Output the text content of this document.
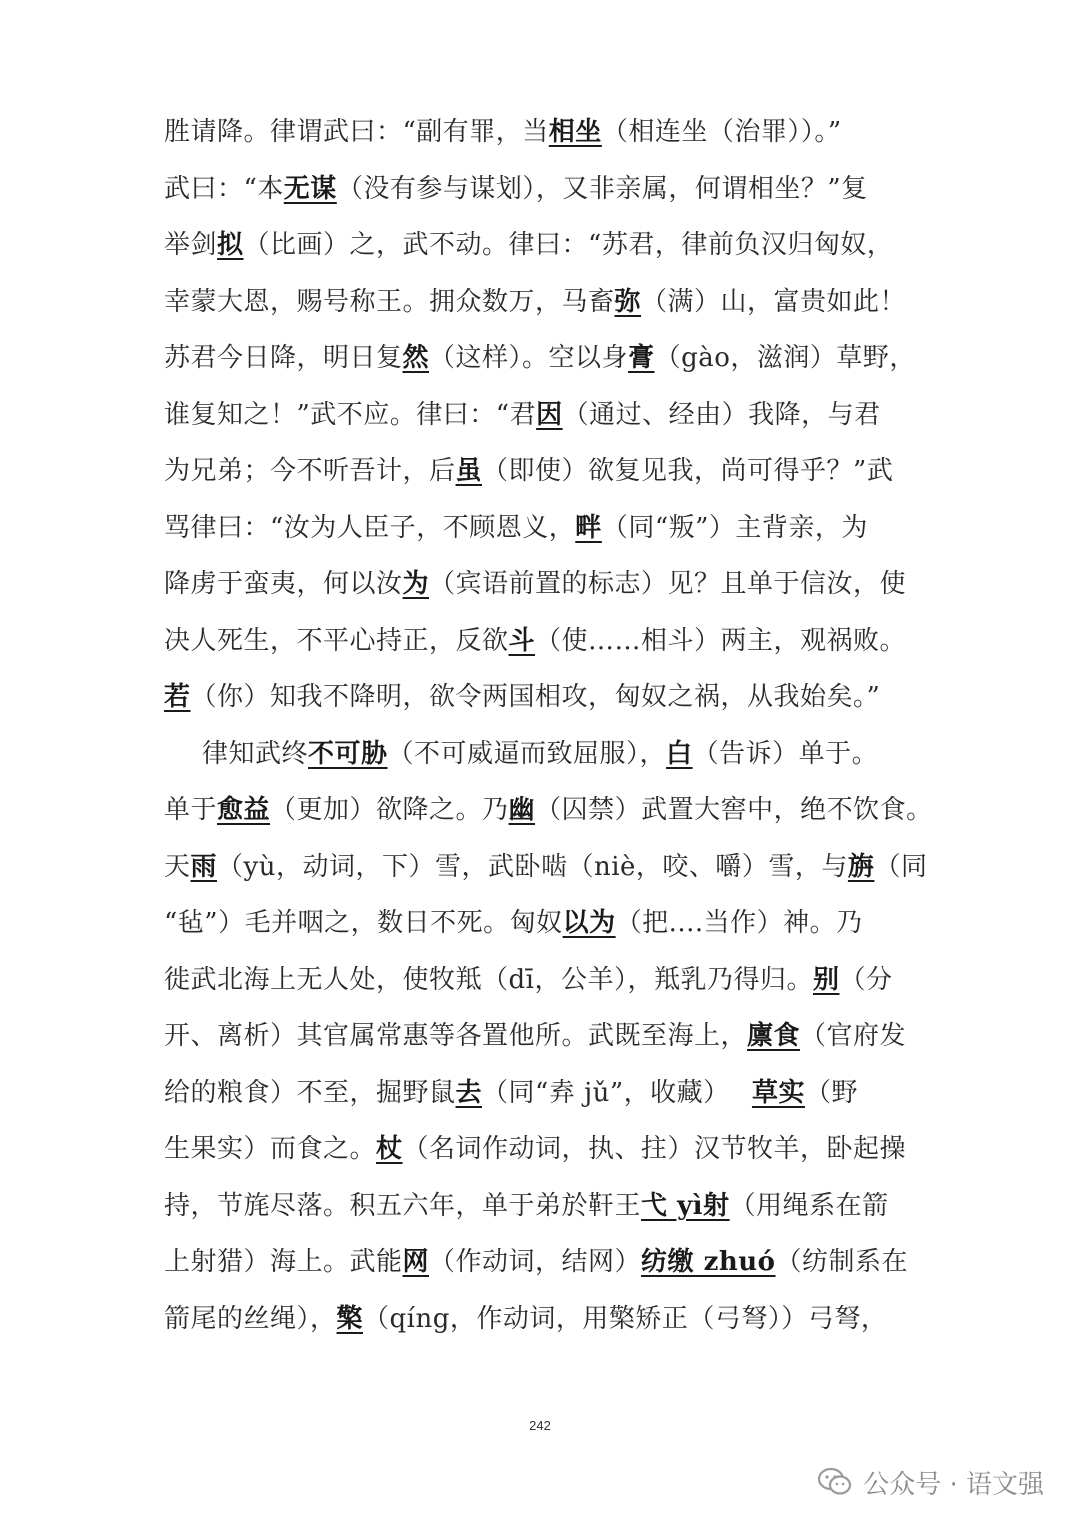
胜请降。律谓武曰：“副有罪，当相坐（相连坐（治罪））。”
武曰：“本无谋（没有参与谋划），又非亲属，何谓相坐？”复
举剑拟（比画）之，武不动。律曰：“苏君，律前负汉归匈奴，
幸蒙大恩，赐号称王。拥众数万，马畜弥（满）山，富贵如此！
苏君今日降，明日复然（这样）。空以身膏（gào，滋润）草野，
谁复知之！”武不应。律曰：“君因（通过、经由）我降，与君
为兄弟；今不听吾计，后虽（即使）欲复见我，尚可得乎？”武
骂律曰：“汝为人臣子，不顾恩义，畔（同“叛”）主背亲，为
降虏于蛮夷，何以汝为（宾语前置的标志）见？且单于信汝，使
决人死生，不平心持正，反欲斗（使……相斗）两主，观祸败。
若（你）知我不降明，欲令两国相攻，匈奴之祸，从我始矣。”
律知武终不可胁（不可威逼而致屈服），白（告诉）单于。
单于愈益（更加）欲降之。乃幽（囚禁）武置大窖中，绝不饮食。
天雨（yù，动词，下）雪，武卧啮（niè，咬、嚼）雪，与旃（同
“毡”）毛并咽之，数日不死。匈奴以为（把....当作）神。乃
徙武北海上无人处，使牧羝（dī，公羊），羝乳乃得归。别（分
开、离析）其官属常惠等各置他所。武既至海上，廪食（官府发
给的粮食）不至，掘野鼠去（同“弆 jǔ”，收藏）　 草实（野
生果实）而食之。杖（名词作动词，执、拄）汉节牧羊，卧起操
持，节旄尽落。积五六年，单于弟於靬王弋 yì射（用绳系在箭
上射猎）海上。武能网（作动词，结网）纺缴 zhuó（纺制系在
箭尾的丝绳），檠（qíng，作动词，用檠矫正（弓弩））弓弩，
242
公众号 · 语文强
